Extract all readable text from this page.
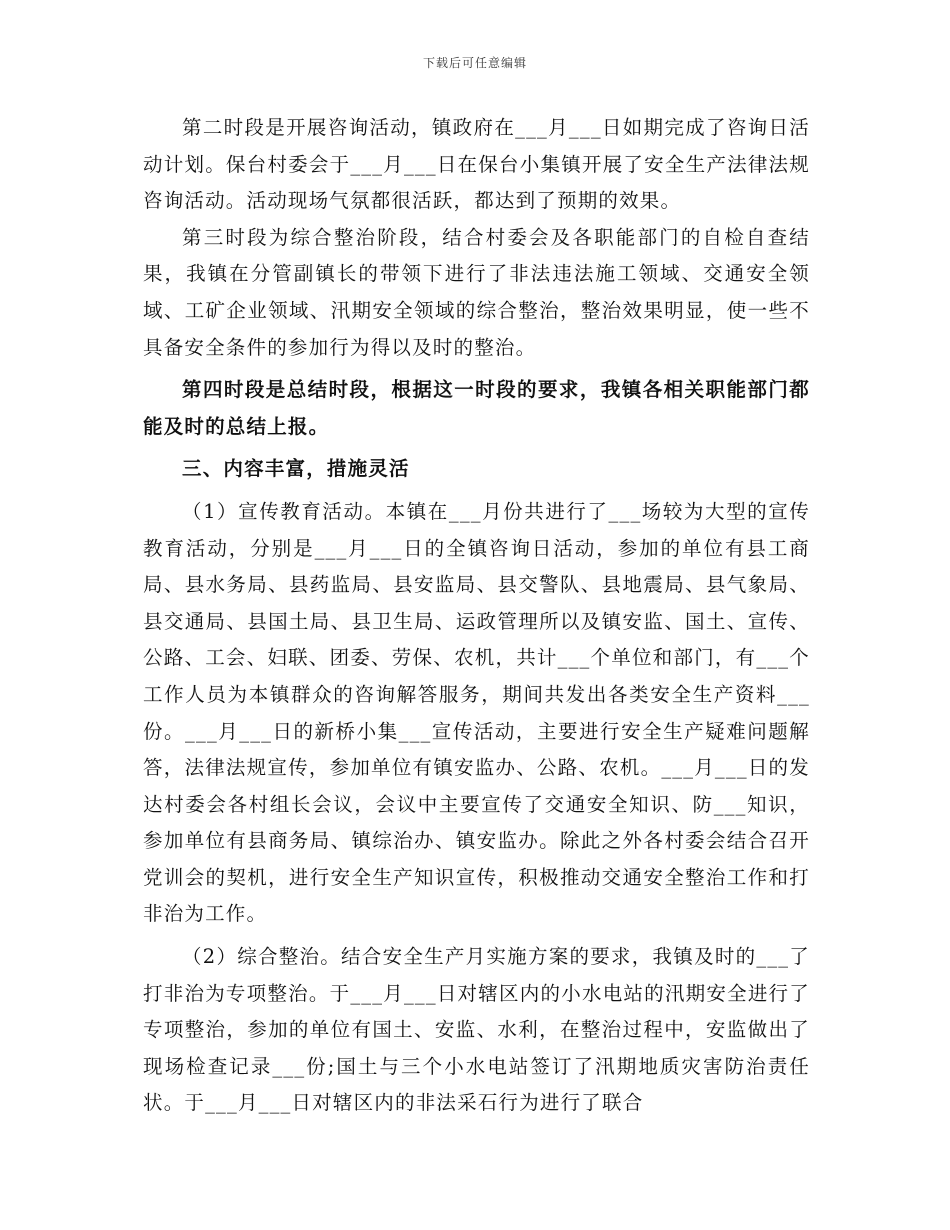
下载后可任意编辑

第二时段是开展咨询活动，镇政府在___月___日如期完成了咨询日活动计划。保台村委会于___月___日在保台小集镇开展了安全生产法律法规咨询活动。活动现场气氛都很活跃，都达到了预期的效果。

第三时段为综合整治阶段，结合村委会及各职能部门的自检自查结果，我镇在分管副镇长的带领下进行了非法违法施工领域、交通安全领域、工矿企业领域、汛期安全领域的综合整治，整治效果明显，使一些不具备安全条件的参加行为得以及时的整治。

第四时段是总结时段，根据这一时段的要求，我镇各相关职能部门都能及时的总结上报。

三、内容丰富，措施灵活

（1）宣传教育活动。本镇在___月份共进行了___场较为大型的宣传教育活动，分别是___月___日的全镇咨询日活动，参加的单位有县工商局、县水务局、县药监局、县安监局、县交警队、县地震局、县气象局、县交通局、县国土局、县卫生局、运政管理所以及镇安监、国土、宣传、公路、工会、妇联、团委、劳保、农机，共计___个单位和部门，有___个工作人员为本镇群众的咨询解答服务，期间共发出各类安全生产资料___份。___月___日的新桥小集___宣传活动，主要进行安全生产疑难问题解答，法律法规宣传，参加单位有镇安监办、公路、农机。___月___日的发达村委会各村组长会议，会议中主要宣传了交通安全知识、防___知识，参加单位有县商务局、镇综治办、镇安监办。除此之外各村委会结合召开党训会的契机，进行安全生产知识宣传，积极推动交通安全整治工作和打非治为工作。

（2）综合整治。结合安全生产月实施方案的要求，我镇及时的___了打非治为专项整治。于___月___日对辖区内的小水电站的汛期安全进行了专项整治，参加的单位有国土、安监、水利，在整治过程中，安监做出了现场检查记录___份;国土与三个小水电站签订了汛期地质灾害防治责任状。于___月___日对辖区内的非法采石行为进行了联合
